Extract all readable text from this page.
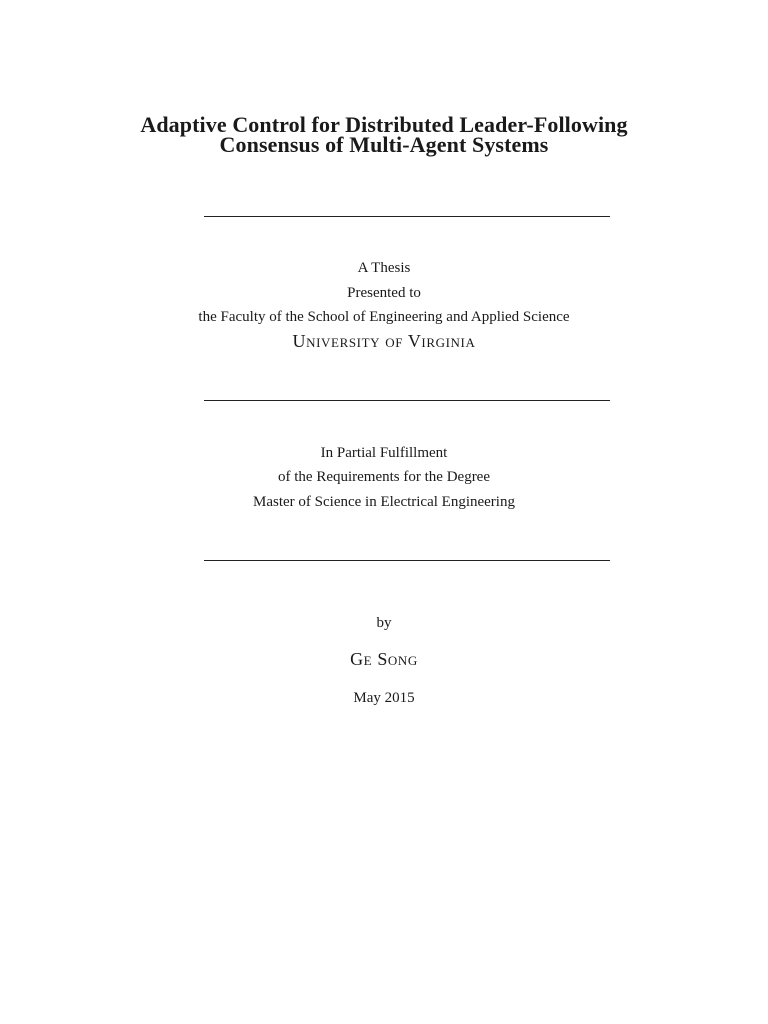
Adaptive Control for Distributed Leader-Following
Consensus of Multi-Agent Systems
A Thesis
Presented to
the Faculty of the School of Engineering and Applied Science
University of Virginia
In Partial Fulfillment
of the Requirements for the Degree
Master of Science in Electrical Engineering
by
Ge Song
May 2015
